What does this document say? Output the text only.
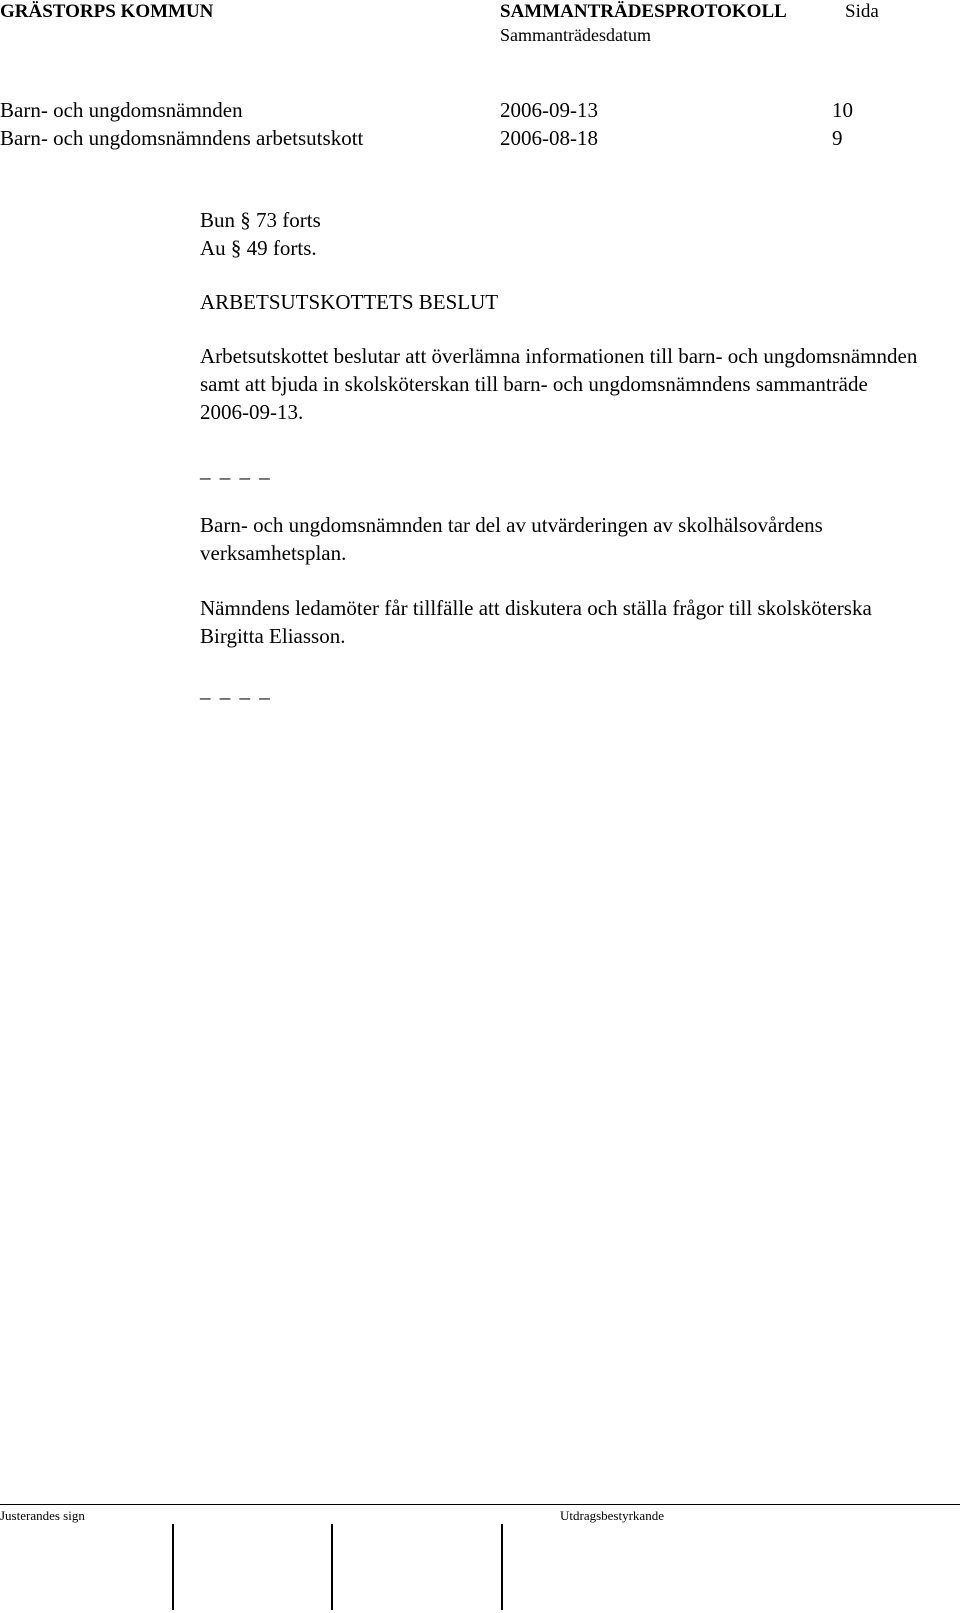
GRÄSTORPS KOMMUN	SAMMANTRÄDESPROTOKOLL	Sida
Sammanträdesdatum
Barn- och ungdomsnämnden	2006-09-13	10
Barn- och ungdomsnämndens arbetsutskott	2006-08-18	9
Bun § 73 forts
Au § 49 forts.
ARBETSUTSKOTTETS BESLUT
Arbetsutskottet beslutar att överlämna informationen till barn- och ungdomsnämnden samt att bjuda in skolsköterskan till barn- och ungdomsnämndens sammanträde 2006-09-13.
_ _ _ _
Barn- och ungdomsnämnden tar del av utvärderingen av skolhälsovårdens verksamhetsplan.
Nämndens ledamöter får tillfälle att diskutera och ställa frågor till skolsköterska Birgitta Eliasson.
_ _ _ _
Justerandes sign	Utdragsbestyrkande
